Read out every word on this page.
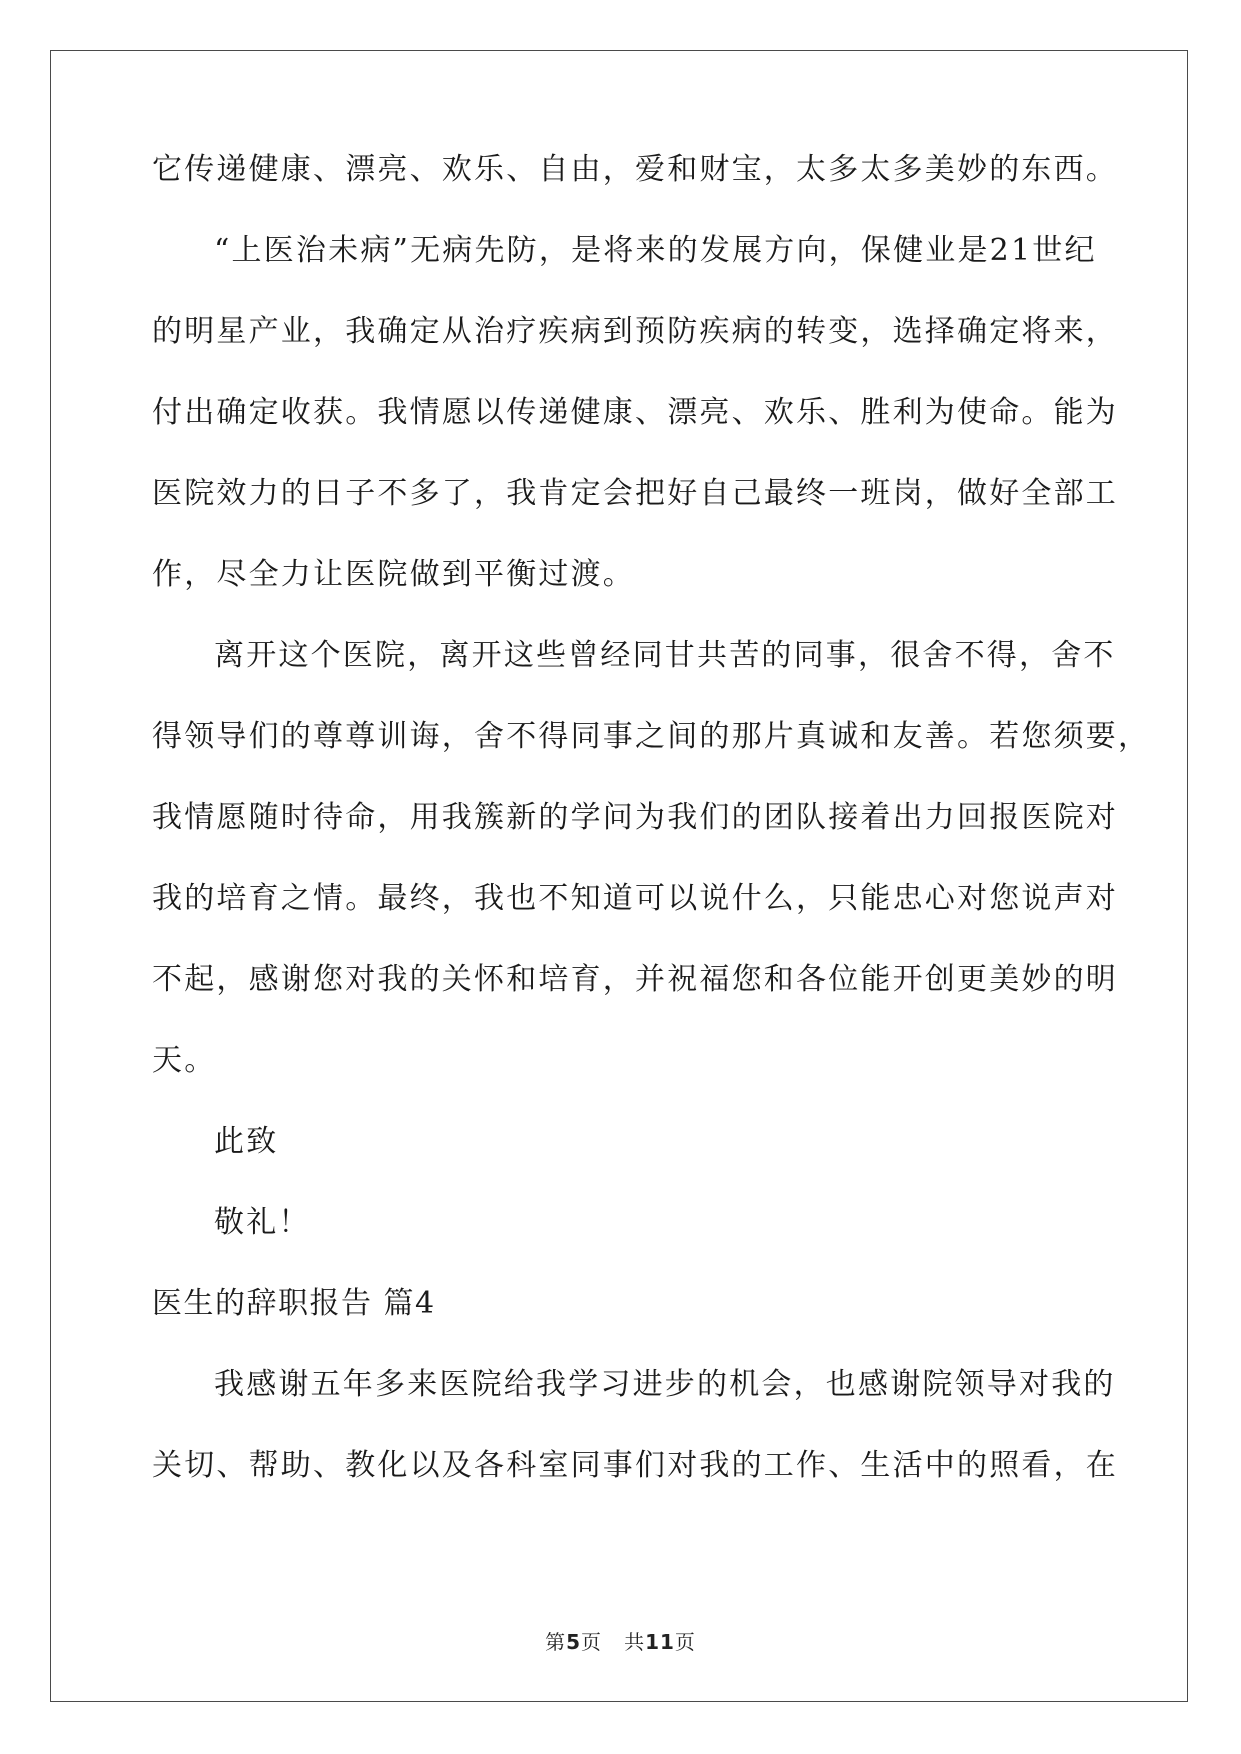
它传递健康、漂亮、欢乐、自由，爱和财宝，太多太多美妙的东西。
“上医治未病”无病先防，是将来的发展方向，保健业是21世纪
的明星产业，我确定从治疗疾病到预防疾病的转变，选择确定将来，
付出确定收获。我情愿以传递健康、漂亮、欢乐、胜利为使命。能为
医院效力的日子不多了，我肯定会把好自己最终一班岗，做好全部工
作，尽全力让医院做到平衡过渡。
离开这个医院，离开这些曾经同甘共苦的同事，很舍不得，舍不
得领导们的尊尊训诲，舍不得同事之间的那片真诚和友善。若您须要，
我情愿随时待命，用我簇新的学问为我们的团队接着出力回报医院对
我的培育之情。最终，我也不知道可以说什么，只能忠心对您说声对
不起，感谢您对我的关怀和培育，并祝福您和各位能开创更美妙的明
天。
此致
敬礼！
医生的辞职报告 篇4
我感谢五年多来医院给我学习进步的机会，也感谢院领导对我的
关切、帮助、教化以及各科室同事们对我的工作、生活中的照看，在
第5页   共11页
